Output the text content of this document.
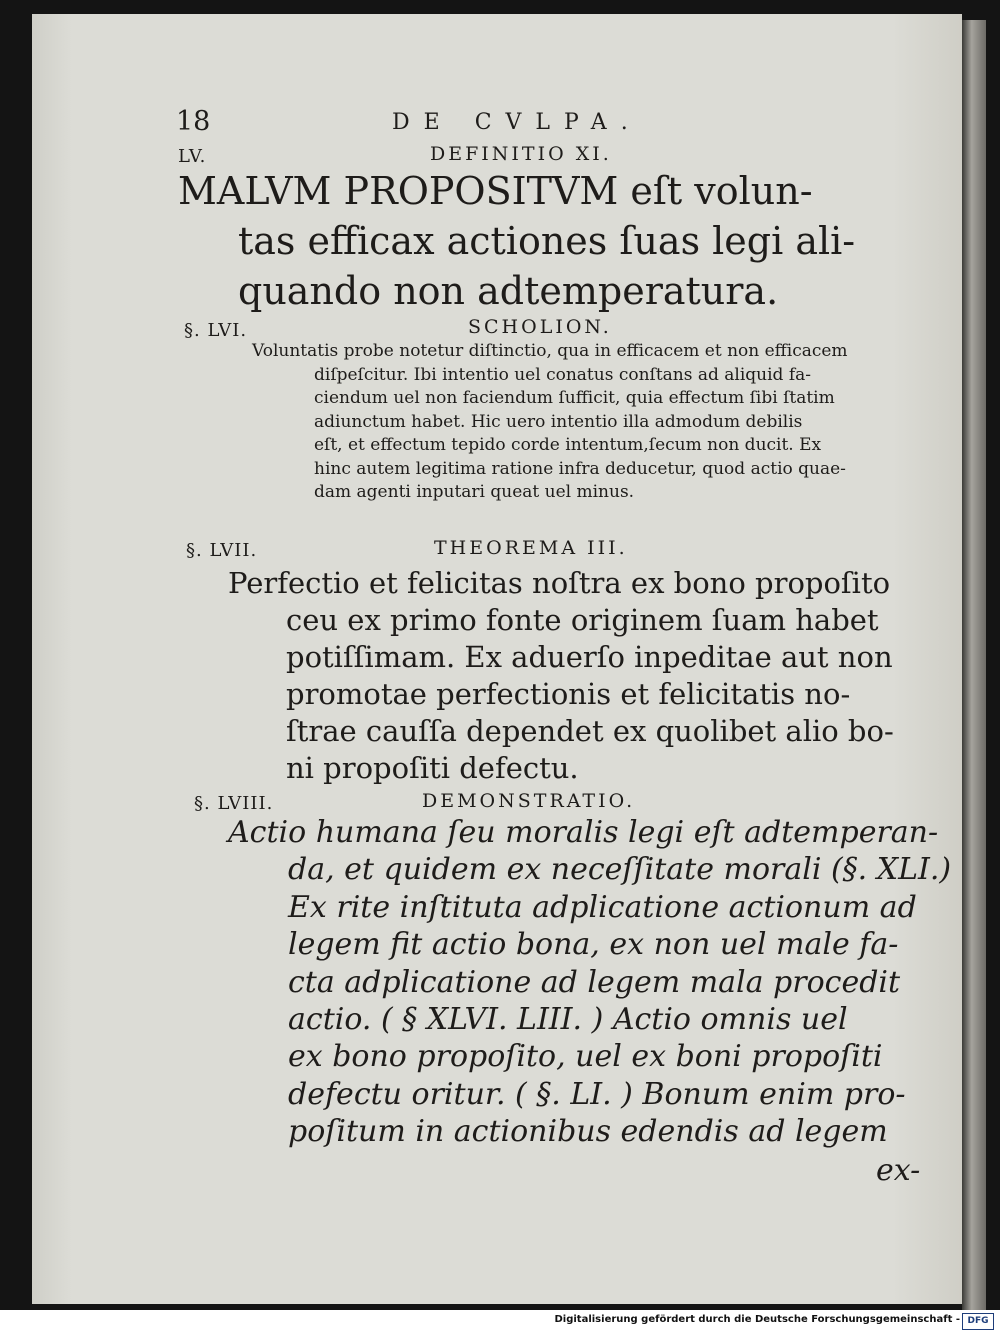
18	DE CVLPA.
LV.	DEFINITIO XI.
MALVM PROPOSITVM eſt volun-
tas efficax actiones ſuas legi ali-
quando non adtemperatura.
§. LVI.	SCHOLION.
Voluntatis probe notetur diſtinctio, qua in efficacem et non efficacem
diſpeſcitur. Ibi intentio uel conatus conſtans ad aliquid fa-
ciendum uel non faciendum ſufficit, quia effectum ſibi ſtatim
adiunctum habet. Hic uero intentio illa admodum debilis
eſt, et effectum tepido corde intentum,ſecum non ducit. Ex
hinc autem legitima ratione infra deducetur, quod actio quae-
dam agenti inputari queat uel minus.
§. LVII.	THEOREMA III.
Perfectio et felicitas noſtra ex bono propoſito
ceu ex primo fonte originem ſuam habet
potiſſimam. Ex aduerſo inpeditae aut non
promotae perfectionis et felicitatis no-
ſtrae cauſſa dependet ex quolibet alio bo-
ni propoſiti defectu.
§. LVIII.	DEMONSTRATIO.
Actio humana ſeu moralis legi eſt adtemperan-
da, et quidem ex neceſſitate morali (§. XLI.)
Ex rite inſtituta adplicatione actionum ad
legem fit actio bona, ex non uel male fa-
cta adplicatione ad legem mala procedit
actio. ( § XLVI. LIII. ) Actio omnis uel
ex bono propoſito, uel ex boni propoſiti
defectu oritur. ( §. LI. ) Bonum enim pro-
poſitum in actionibus edendis ad legem
ex-
Digitalisierung gefördert durch die Deutsche Forschungsgemeinschaft - DFG
